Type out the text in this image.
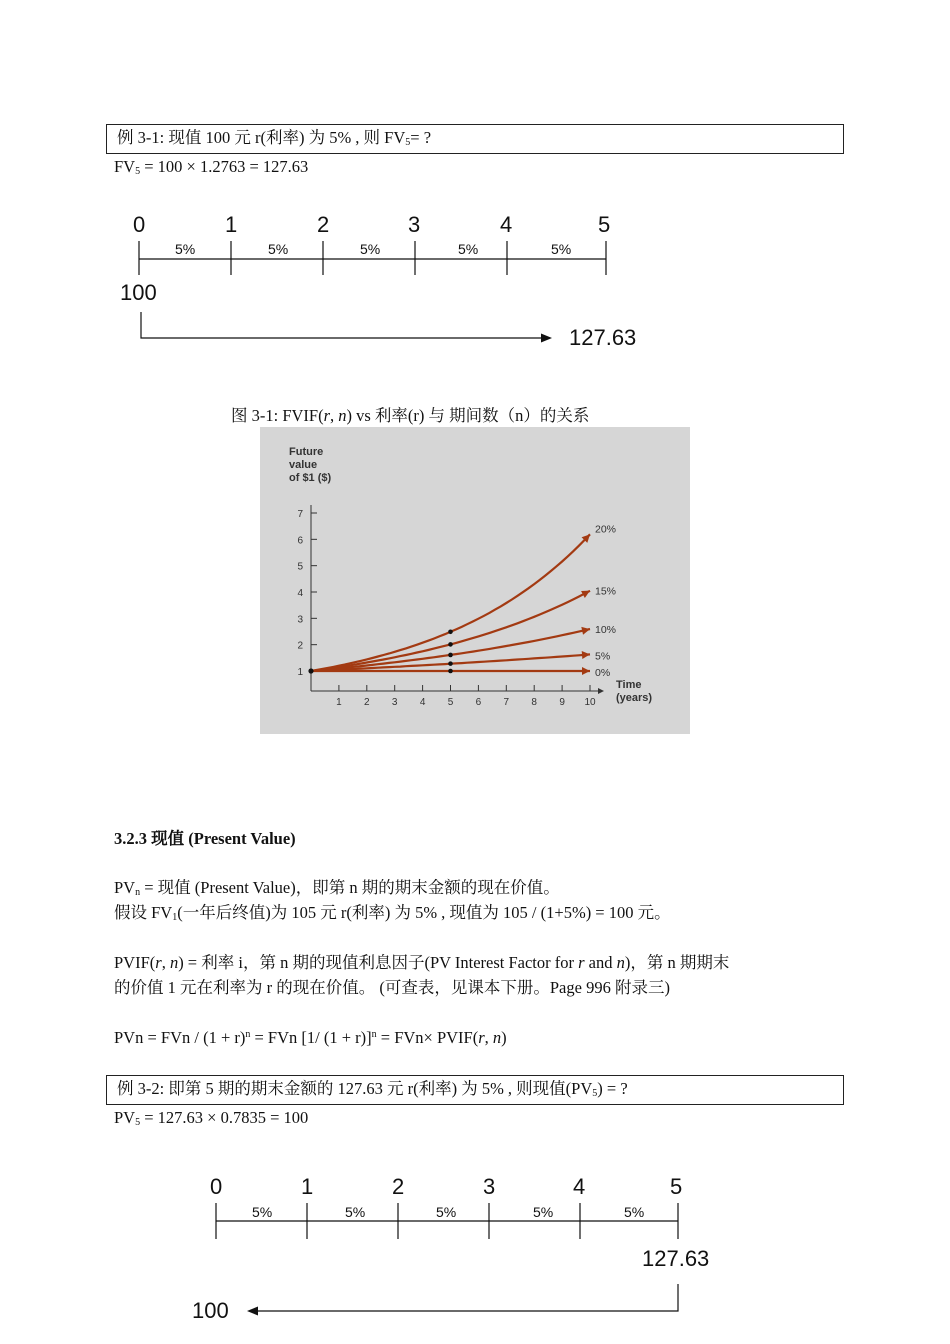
例 3-1: 现值 100 元 r(利率) 为 5% , 则 $FV_5=$ ?
$FV_5 = 100 \times 1.2763 = 127.63$
0	1	2	3	4	5
5%	5%	5%	5%	5%
100
127.63
图 3-1: FVIF(r, n) vs 利率(r) 与 期间数（n）的关系
1
2
3
4
5
6
7
1 2 3 4 5 6 7 8 9 10
Future
value
of $1 ($)
Time
(years)
20%
15%
10%
5%
0%
3.2.3 现值 (Present Value)
$PV_n$ = 现值 (Present Value)，即第 n 期的期末金额的现在价值。
假设 $FV_1$(一年后终值)为 105 元 r(利率) 为 5% , 现值为 105 / (1+5%) = 100 元。
PVIF(r, n) = 利率 i，第 n 期的现值利息因子(PV Interest Factor for r and n)，第 n 期期末
的价值 1 元在利率为 r 的现在价值。 (可查表，见课本下册。Page 996 附录三)
PVn = FVn / $(1 + r)^n$ = FVn [1/ (1 + r)]$^n$ = FVn× PVIF(r, n)
例 3-2: 即第 5 期的期末金额的 127.63 元 r(利率) 为 5% , 则现值$(PV_5)$ = ?
$PV_5 = 127.63 \times 0.7835 = 100$
0	1	2	3	4	5
5%	5%	5%	5%	5%
127.63
100
